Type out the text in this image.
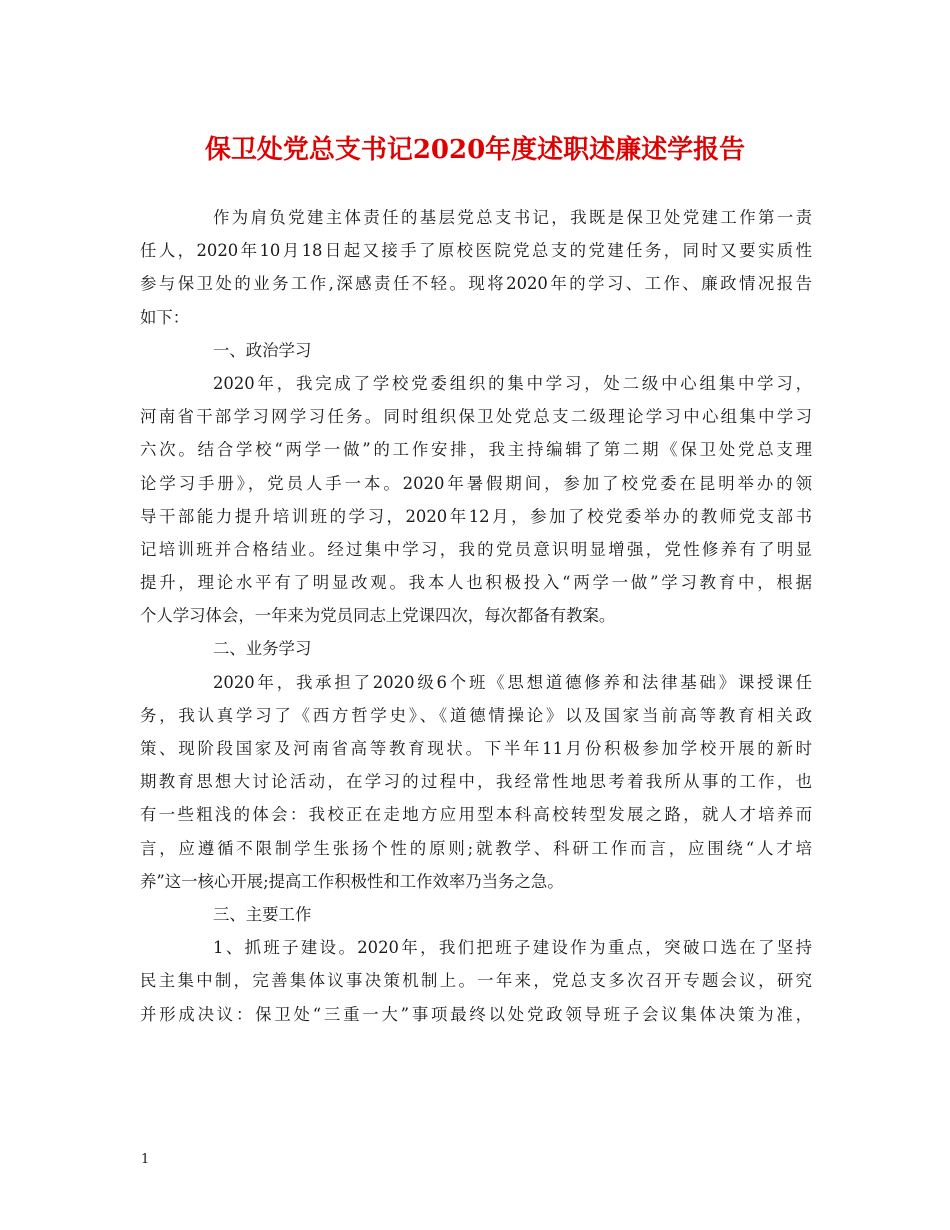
保卫处党总支书记2020年度述职述廉述学报告
作为肩负党建主体责任的基层党总支书记，我既是保卫处党建工作第一责
任人，2020年10月18日起又接手了原校医院党总支的党建任务，同时又要实质性
参与保卫处的业务工作,深感责任不轻。现将2020年的学习、工作、廉政情况报告
如下：
一、政治学习
2020年，我完成了学校党委组织的集中学习，处二级中心组集中学习，
河南省干部学习网学习任务。同时组织保卫处党总支二级理论学习中心组集中学习
六次。结合学校“两学一做”的工作安排，我主持编辑了第二期《保卫处党总支理
论学习手册》，党员人手一本。2020年暑假期间，参加了校党委在昆明举办的领
导干部能力提升培训班的学习，2020年12月，参加了校党委举办的教师党支部书
记培训班并合格结业。经过集中学习，我的党员意识明显增强，党性修养有了明显
提升，理论水平有了明显改观。我本人也积极投入“两学一做”学习教育中，根据
个人学习体会，一年来为党员同志上党课四次，每次都备有教案。
二、业务学习
2020年，我承担了2020级6个班《思想道德修养和法律基础》课授课任
务，我认真学习了《西方哲学史》、《道德情操论》以及国家当前高等教育相关政
策、现阶段国家及河南省高等教育现状。下半年11月份积极参加学校开展的新时
期教育思想大讨论活动，在学习的过程中，我经常性地思考着我所从事的工作，也
有一些粗浅的体会：我校正在走地方应用型本科高校转型发展之路，就人才培养而
言，应遵循不限制学生张扬个性的原则;就教学、科研工作而言，应围绕“人才培
养”这一核心开展;提高工作积极性和工作效率乃当务之急。
三、主要工作
1、抓班子建设。2020年，我们把班子建设作为重点，突破口选在了坚持
民主集中制，完善集体议事决策机制上。一年来，党总支多次召开专题会议，研究
并形成决议：保卫处“三重一大”事项最终以处党政领导班子会议集体决策为准，
1
